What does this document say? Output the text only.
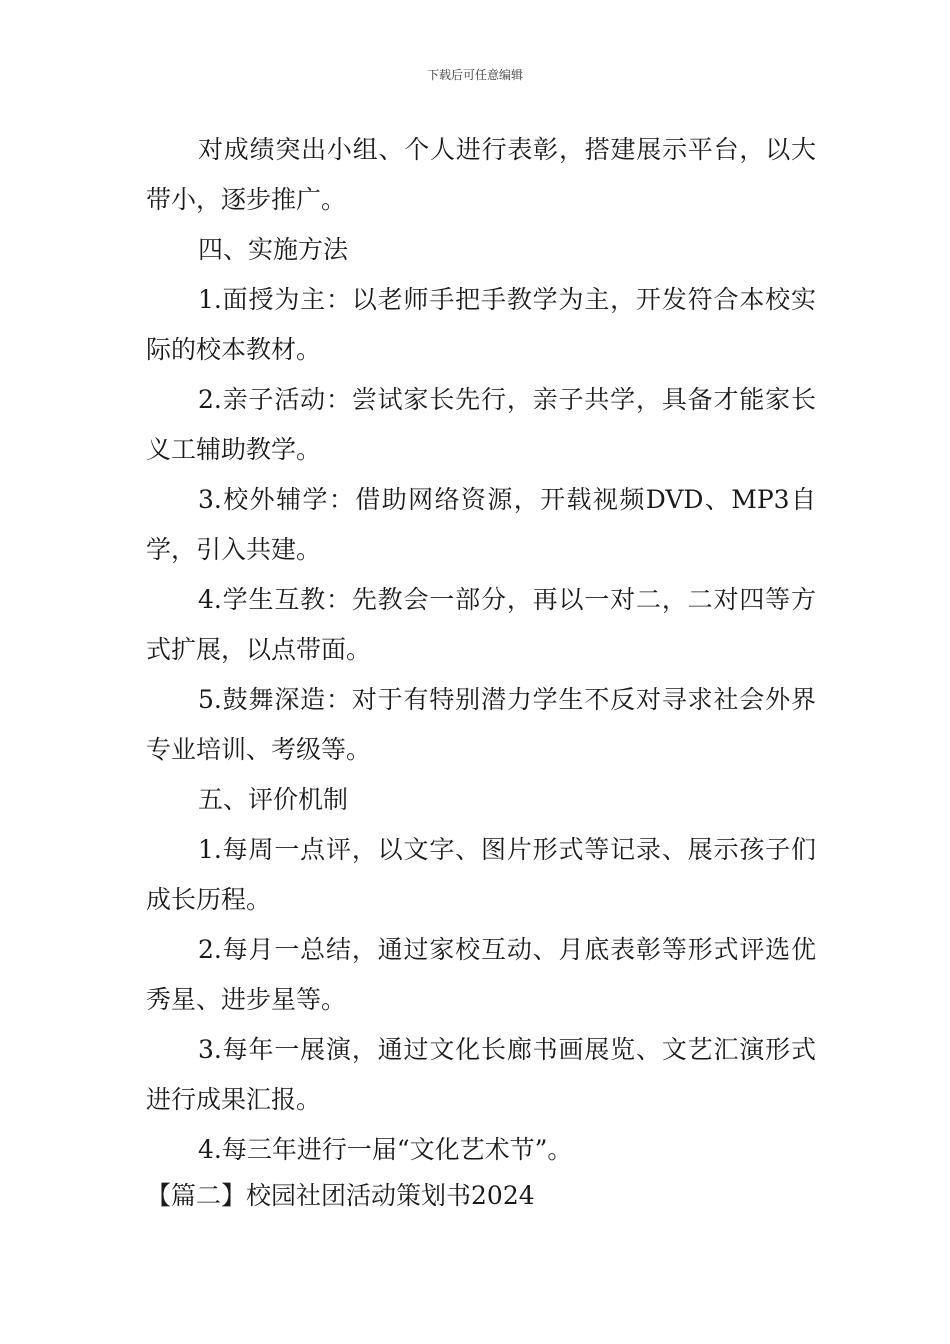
下载后可任意编辑

对成绩突出小组、个人进行表彰，搭建展示平台，以大带小，逐步推广。

四、实施方法

1.面授为主：以老师手把手教学为主，开发符合本校实际的校本教材。

2.亲子活动：尝试家长先行，亲子共学，具备才能家长义工辅助教学。

3.校外辅学：借助网络资源，开载视频DVD、MP3自学，引入共建。

4.学生互教：先教会一部分，再以一对二，二对四等方式扩展，以点带面。

5.鼓舞深造：对于有特别潜力学生不反对寻求社会外界专业培训、考级等。

五、评价机制

1.每周一点评，以文字、图片形式等记录、展示孩子们成长历程。

2.每月一总结，通过家校互动、月底表彰等形式评选优秀星、进步星等。

3.每年一展演，通过文化长廊书画展览、文艺汇演形式进行成果汇报。

4.每三年进行一届“文化艺术节”。

【篇二】校园社团活动策划书2024
